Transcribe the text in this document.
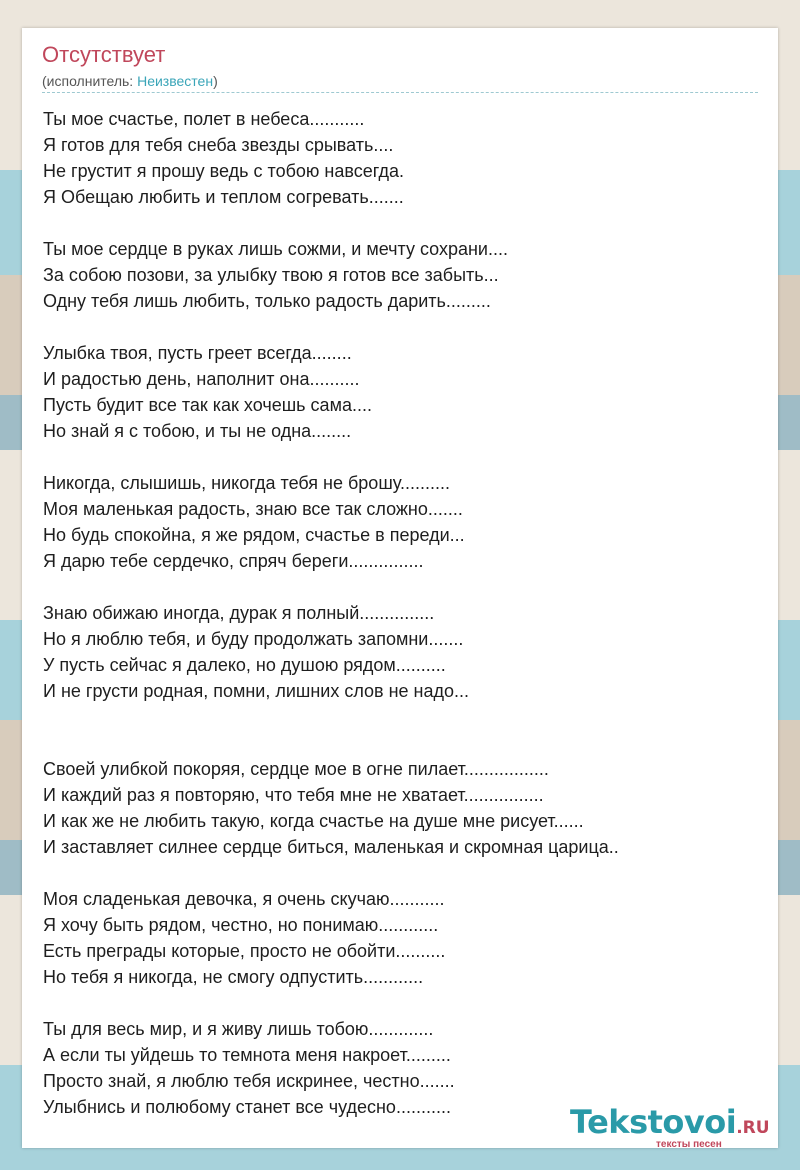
Отсутствует
(исполнитель: Неизвестен)
Ты мое счастье, полет в небеса...........
Я готов для тебя снеба звезды срывать....
Не грустит я прошу ведь с тобою навсегда.
Я Обещаю любить и теплом согревать.......
Ты мое сердце в руках лишь сожми, и мечту сохрани....
За собою позови, за улыбку твою я готов все забыть...
Одну тебя лишь любить, только радость дарить.........
Улыбка твоя, пусть греет всегда........
И радостью день, наполнит она..........
Пусть будит все так как хочешь сама....
Но знай я с тобою, и ты не одна........
Никогда, слышишь, никогда тебя не брошу..........
Моя маленькая радость, знаю все так сложно.......
Но будь спокойна, я же рядом, счастье в переди...
Я дарю тебе сердечко, спряч береги...............
Знаю обижаю иногда, дурак я полный...............
Но я люблю тебя, и буду продолжать запомни.......
У пусть сейчас я далеко, но душою рядом..........
И не грусти родная, помни, лишних слов не надо...
Своей улибкой покоряя, сердце мое в огне пилает.................
И каждий раз я повторяю, что тебя мне не хватает................
И как же не любить такую, когда счастье на душе мне рисует......
И заставляет силнее сердце биться, маленькая и скромная царица..
Моя сладенькая девочка, я очень скучаю...........
Я хочу быть рядом, честно, но понимаю............
Есть преграды которые, просто не обойти..........
Но тебя я никогда, не смогу одпустить............
Ты для весь мир, и я живу лишь тобою.............
А если ты уйдешь то темнота меня накроет.........
Просто знай, я люблю тебя искринее, честно.......
Улыбнись и полюбому станет все чудесно...........	Tekstovoi.RU
тексты песен
